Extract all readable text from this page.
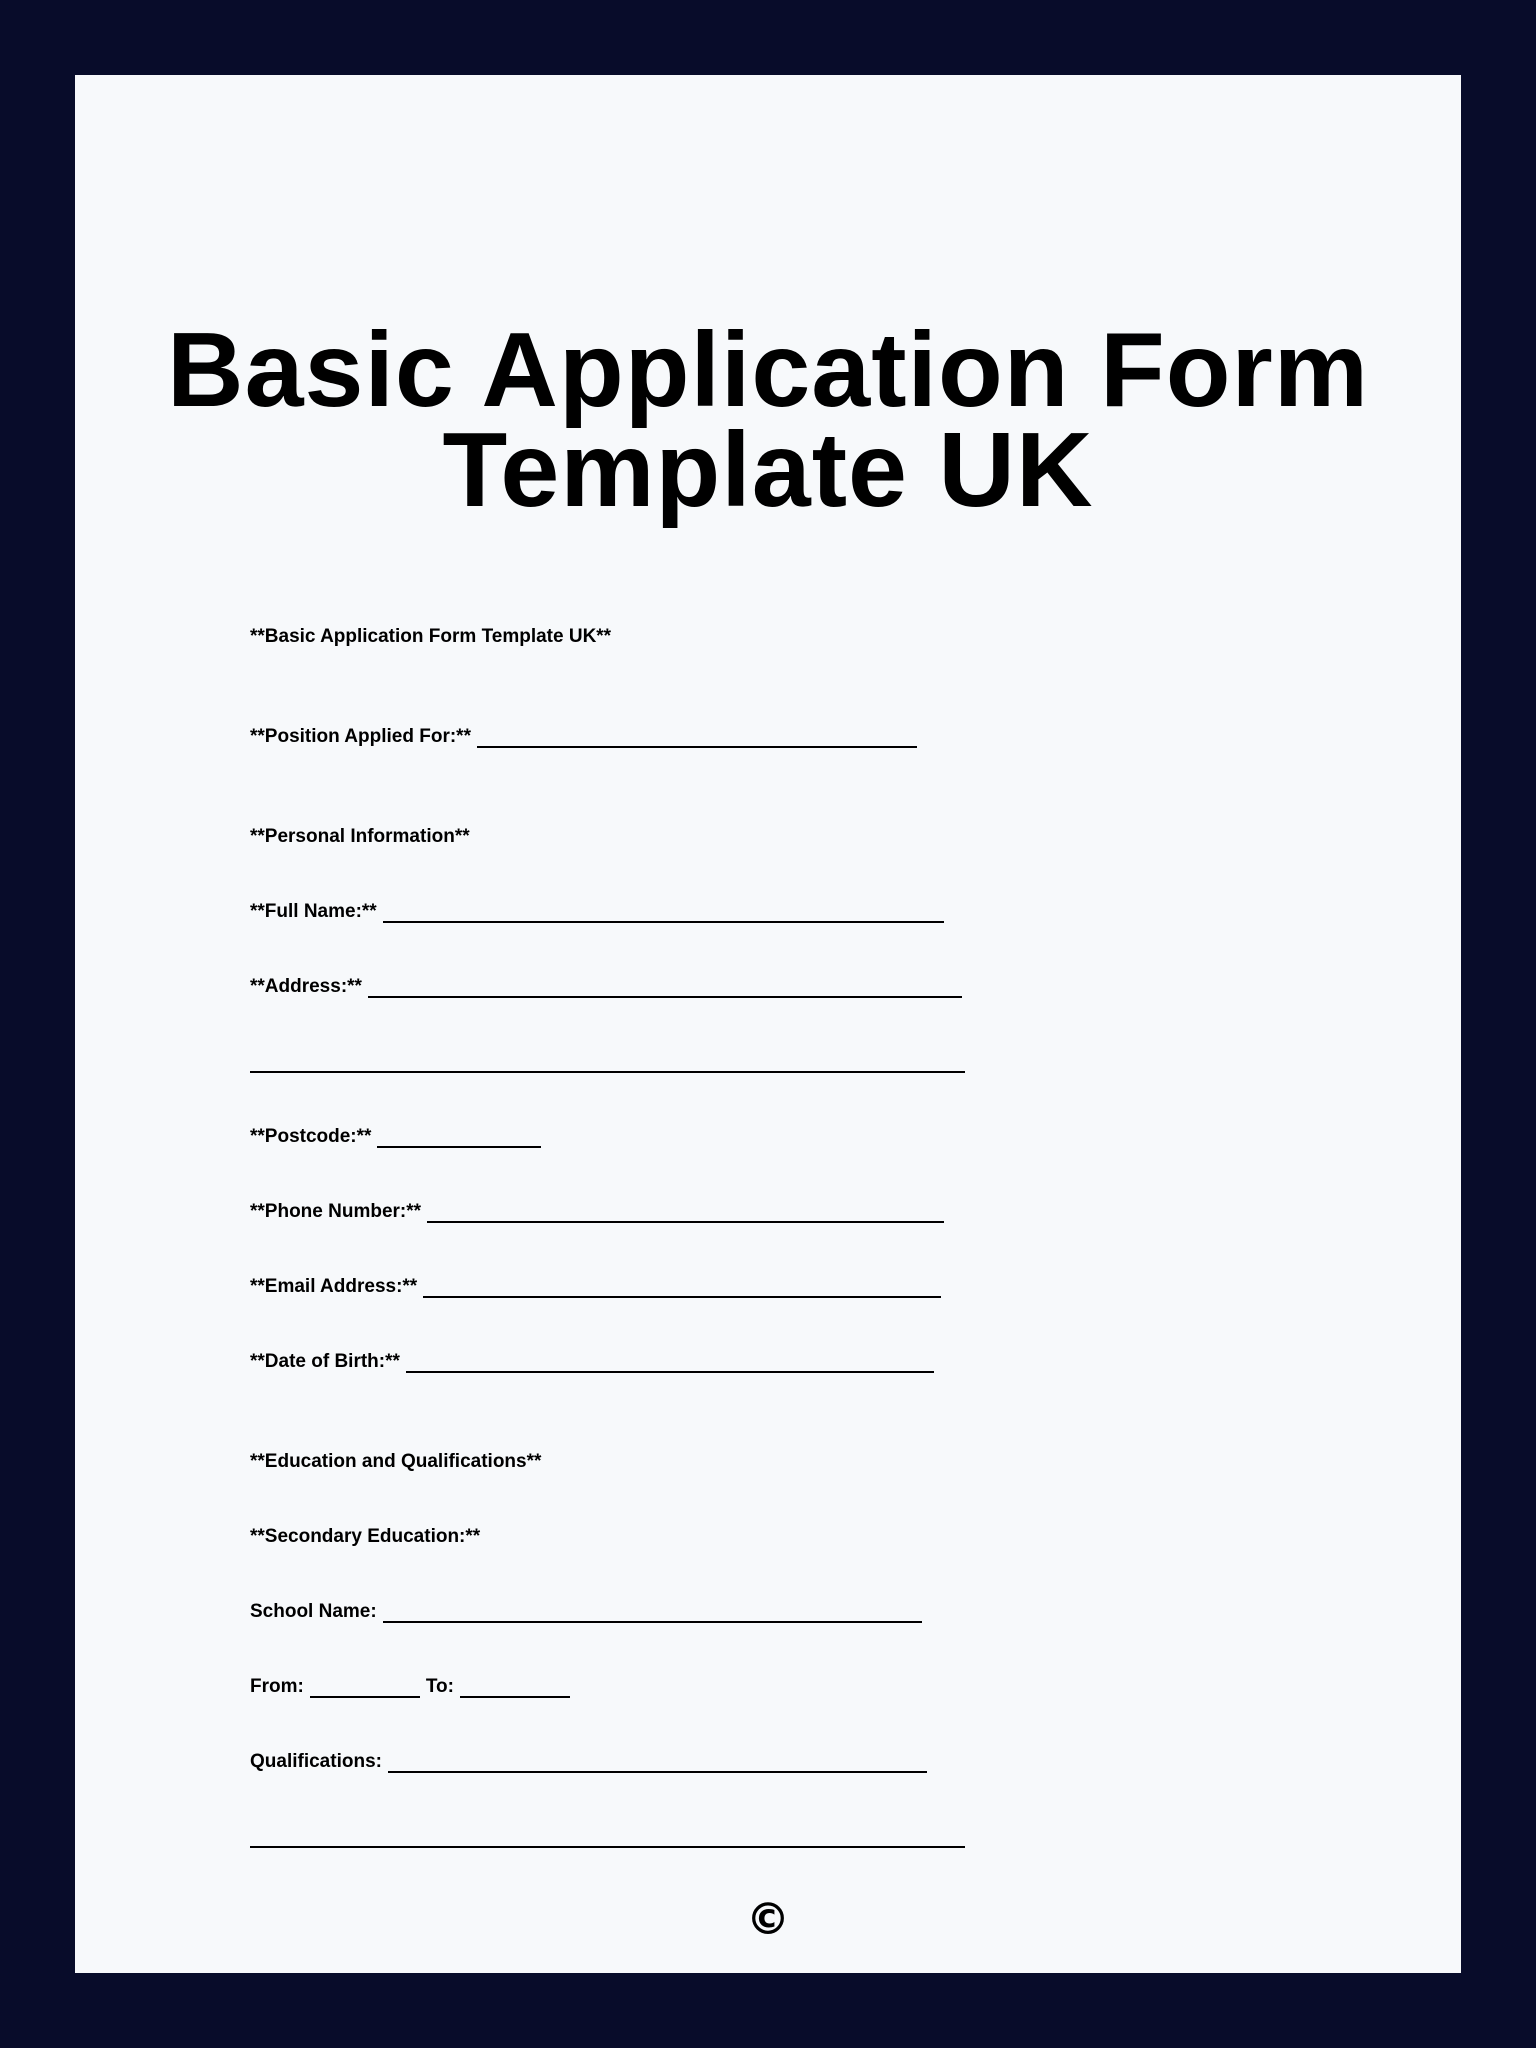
Basic Application Form Template UK
**Basic Application Form Template UK**
**Position Applied For:**
**Personal Information**
**Full Name:**
**Address:**
**Postcode:**
**Phone Number:**
**Email Address:**
**Date of Birth:**
**Education and Qualifications**
**Secondary Education:**
School Name:
From:	To:
Qualifications:
©
